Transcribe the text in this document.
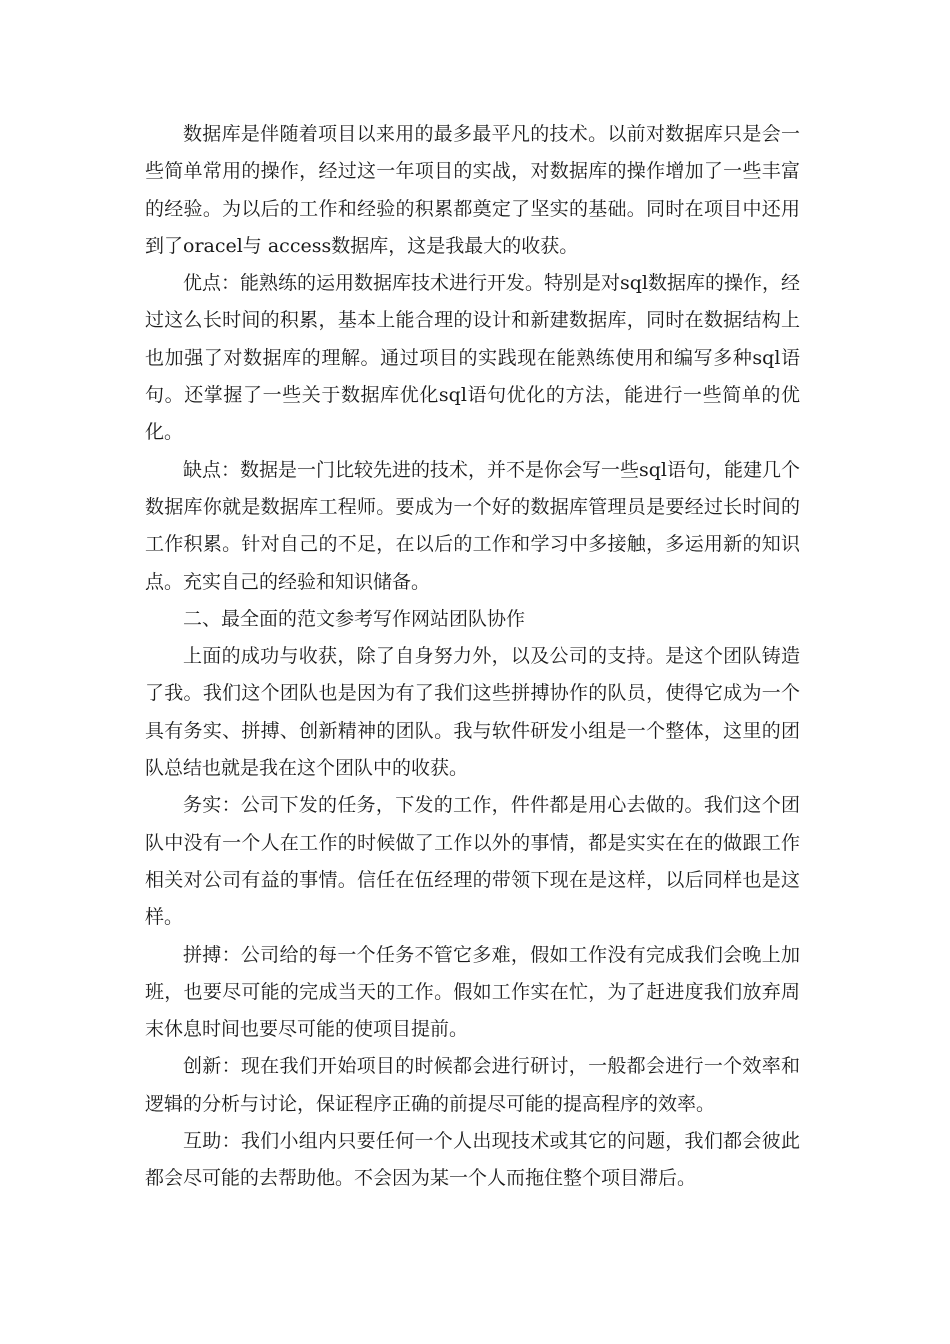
数据库是伴随着项目以来用的最多最平凡的技术。以前对数据库只是会一些简单常用的操作，经过这一年项目的实战，对数据库的操作增加了一些丰富的经验。为以后的工作和经验的积累都奠定了坚实的基础。同时在项目中还用到了oracel与 access数据库，这是我最大的收获。

优点：能熟练的运用数据库技术进行开发。特别是对sql数据库的操作，经过这么长时间的积累，基本上能合理的设计和新建数据库，同时在数据结构上也加强了对数据库的理解。通过项目的实践现在能熟练使用和编写多种sql语句。还掌握了一些关于数据库优化sql语句优化的方法，能进行一些简单的优化。

缺点：数据是一门比较先进的技术，并不是你会写一些sql语句，能建几个数据库你就是数据库工程师。要成为一个好的数据库管理员是要经过长时间的工作积累。针对自己的不足，在以后的工作和学习中多接触，多运用新的知识点。充实自己的经验和知识储备。

二、最全面的范文参考写作网站团队协作

上面的成功与收获，除了自身努力外，以及公司的支持。是这个团队铸造了我。我们这个团队也是因为有了我们这些拼搏协作的队员，使得它成为一个具有务实、拼搏、创新精神的团队。我与软件研发小组是一个整体，这里的团队总结也就是我在这个团队中的收获。

务实：公司下发的任务，下发的工作，件件都是用心去做的。我们这个团队中没有一个人在工作的时候做了工作以外的事情，都是实实在在的做跟工作相关对公司有益的事情。信任在伍经理的带领下现在是这样，以后同样也是这样。

拼搏：公司给的每一个任务不管它多难，假如工作没有完成我们会晚上加班，也要尽可能的完成当天的工作。假如工作实在忙，为了赶进度我们放弃周末休息时间也要尽可能的使项目提前。

创新：现在我们开始项目的时候都会进行研讨，一般都会进行一个效率和逻辑的分析与讨论，保证程序正确的前提尽可能的提高程序的效率。

互助：我们小组内只要任何一个人出现技术或其它的问题，我们都会彼此都会尽可能的去帮助他。不会因为某一个人而拖住整个项目滞后。
